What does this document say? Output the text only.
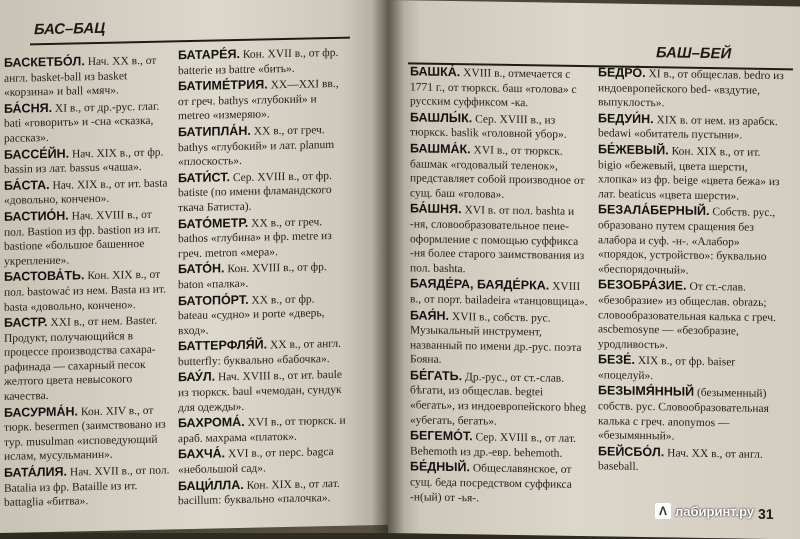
БАС–БАЦ
БАСКЕТБО́Л. Нач. XX в., от англ. basket-ball из basket «корзина» и ball «мяч».
БА́СНЯ. XI в., от др.-рус. глаг. bati «говорить» и -сна «сказка, рассказ».
БАССЕ́ЙН. Нач. XIX в., от фр. bassin из лат. bassus «чаша».
БА́СТА. Нач. XIX в., от ит. basta «довольно, кончено».
БАСТИО́Н. Нач. XVIII в., от пол. Bastion из фр. bastion из ит. bastione «большое башенное укрепление».
БАСТОВА́ТЬ. Кон. XIX в., от пол. bastować из нем. Basta из ит. basta «довольно, кончено».
БАСТР. XXI в., от нем. Baster. Продукт, получающийся в процессе производства сахара-рафинада — сахарный песок желтого цвета невысокого качества.
БАСУРМА́Н. Кон. XIV в., от тюрк. besermen (заимствовано из тур. musulman «исповедующий ислам, мусульманин».
БАТА́ЛИЯ. Нач. XVII в., от пол. Batalia из фр. Bataille из ит. battaglia «битва».
БАТАРЕ́Я. Кон. XVII в., от фр. batterie из battre «бить».
БАТИМЕ́ТРИЯ. XX—XXI вв., от греч. bathys «глубокий» и metreo «измеряю».
БАТИПЛА́Н. XX в., от греч. bathys «глубокий» и лат. planum «плоскость».
БАТИ́СТ. Сер. XVIII в., от фр. batiste (по имени фламандского ткача Батиста).
БАТО́МЕТР. XX в., от греч. bathos «глубина» и фр. metre из греч. metron «мера».
БАТО́Н. Кон. XVIII в., от фр. baton «палка».
БАТОПО́РТ. XX в., от фр. bateau «судно» и porte «дверь, вход».
БАТТЕРФЛЯ́Й. XX в., от англ. butterfly: буквально «бабочка».
БАУ́Л. Нач. XVIII в., от ит. baule из тюркск. baul «чемодан, сундук для одежды».
БАХРОМА́. XVI в., от тюркск. и араб. махрама «платок».
БАХЧА́. XVI в., от перс. bagca «небольшой сад».
БАЦИ́ЛЛА. Кон. XIX в., от лат. bacillum: буквально «палочка».
БАШ–БЕЙ
БАШКА́. XVIII в., отмечается с 1771 г., от тюркск. баш «голова» с русским суффиксом -ка.
БАШЛЫ́К. Сер. XVIII в., из тюркск. baslik «головной убор».
БАШМА́К. XVI в., от тюркск. башмак «годовалый теленок», представляет собой производное от сущ. баш «голова».
БА́ШНЯ. XVI в. от пол. bashta и -ня, словообразовательное пеиеоформление с помощью суффикса -ня более старого заимствования из пол. bashta.
БАЯДЕ́РА, БАЯДЕ́РКА. XVIII в., от порт. bailadeira «танцовщица».
БАЯ́Н. XVII в., собств. рус. Музыкальный инструмент, названный по имени др.-рус. поэта Бояна.
БЕ́ГАТЬ. Др.-рус., от ст.-слав. бѣгати, из общеслав. begtei «бегать», из индоевропейского bheg «убегать, бегать».
БЕГЕМО́Т. Сер. XVIII в., от лат. Behemoth из др.-евр. behemoth.
БЕ́ДНЫЙ. Общеславянское, от сущ. беда посредством суффикса -н(ый) от -ья-.
БЕДРО́. XI в., от общеслав. bedro из индоевропейского bed- «вздутие, выпуклость».
БЕДУИ́Н. XIX в. от нем. из арабск. bedawi «обитатель пустыни».
БЕ́ЖЕВЫЙ. Кон. XIX в., от ит. bigio «бежевый, цвета шерсти, хлопка» из фр. beige «цвета бежа» из лат. beaticus «цвета шерсти».
БЕЗАЛА́БЕРНЫЙ. Собств. рус., образовано путем сращения без алабора и суф. -н-. «Алабор» «порядок, устройство»: буквально «беспорядочный».
БЕЗОБРА́ЗИЕ. От ст.-слав. «безобразие» из общеслав. obrazь; словообразовательная калька с греч. ascbemosyne — «безобразие, уродливость».
БЕЗЕ́. XIX в., от фр. baiser «поцелуй».
БЕЗЫМЯ́ННЫЙ (безыменный) собств. рус. Словообразовательная калька с греч. anonymos — «безымянный».
БЕЙСБО́Л. Нач. XX в., от англ. baseball.
31
Λ лабиринт.ру
